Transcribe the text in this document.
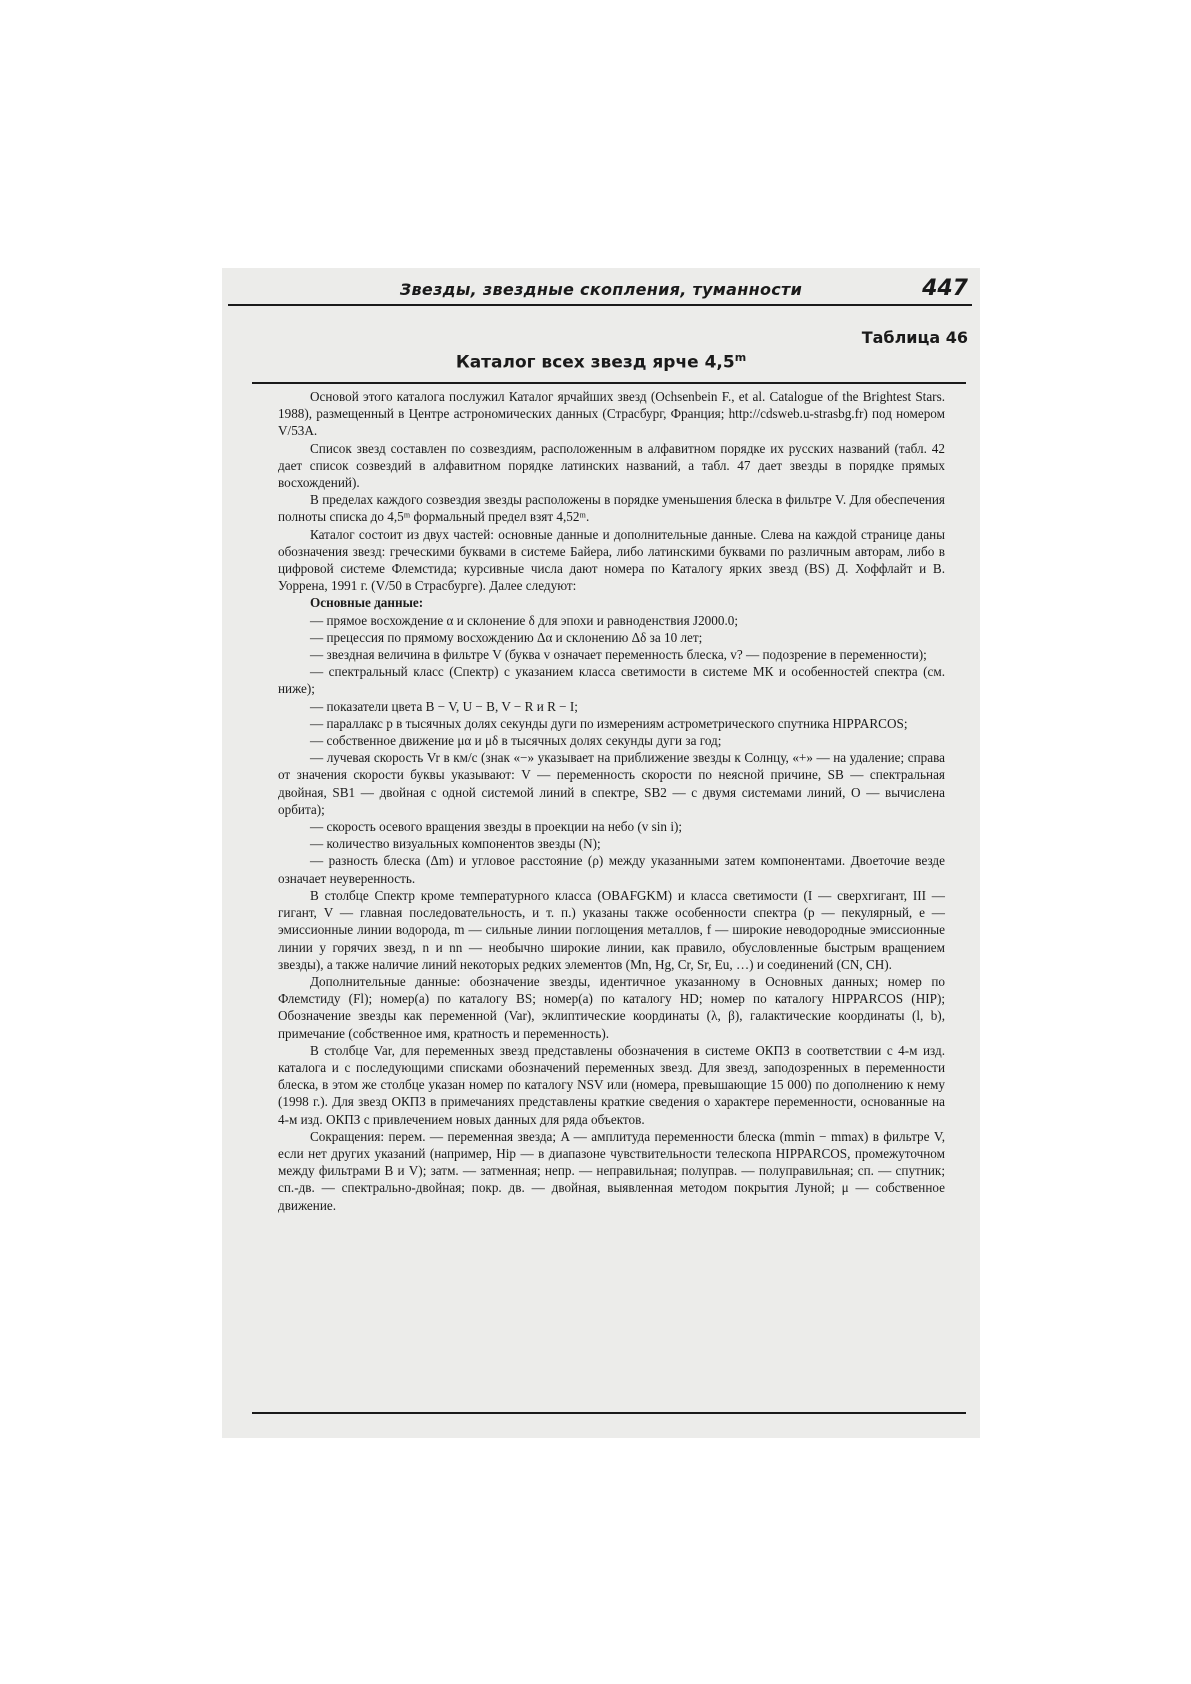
Звезды, звездные скопления, туманности	447
Таблица 46
Каталог всех звезд ярче 4,5$^m$

Основой этого каталога послужил Каталог ярчайших звезд (Ochsenbein F., et al. Catalogue of the Brightest Stars. 1988), размещенный в Центре астрономических данных (Страсбург, Франция; http://cdsweb.u-strasbg.fr) под номером V/53A.

Список звезд составлен по созвездиям, расположенным в алфавитном порядке их русских названий (табл. 42 дает список созвездий в алфавитном порядке латинских названий, а табл. 47 дает звезды в порядке прямых восхождений).

В пределах каждого созвездия звезды расположены в порядке уменьшения блеска в фильтре V. Для обеспечения полноты списка до 4,5ᵐ формальный предел взят 4,52ᵐ.

Каталог состоит из двух частей: основные данные и дополнительные данные. Слева на каждой странице даны обозначения звезд: греческими буквами в системе Байера, либо латинскими буквами по различным авторам, либо в цифровой системе Флемстида; курсивные числа дают номера по Каталогу ярких звезд (BS) Д. Хоффлайт и В. Уоррена, 1991 г. (V/50 в Страсбурге). Далее следуют:

Основные данные:

— прямое восхождение α и склонение δ для эпохи и равноденствия J2000.0;

— прецессия по прямому восхождению Δα и склонению Δδ за 10 лет;

— звездная величина в фильтре V (буква v означает переменность блеска, v? — подозрение в переменности);

— спектральный класс (Спектр) с указанием класса светимости в системе МК и особенностей спектра (см. ниже);

— показатели цвета B − V, U − B, V − R и R − I;

— параллакс p в тысячных долях секунды дуги по измерениям астрометрического спутника HIPPARCOS;

— собственное движение μα и μδ в тысячных долях секунды дуги за год;

— лучевая скорость Vr в км/с (знак «−» указывает на приближение звезды к Солнцу, «+» — на удаление; справа от значения скорости буквы указывают: V — переменность скорости по неясной причине, SB — спектральная двойная, SB1 — двойная с одной системой линий в спектре, SB2 — с двумя системами линий, O — вычислена орбита);

— скорость осевого вращения звезды в проекции на небо (v sin i);

— количество визуальных компонентов звезды (N);

— разность блеска (Δm) и угловое расстояние (ρ) между указанными затем компонентами. Двоеточие везде означает неуверенность.

В столбце Спектр кроме температурного класса (OBAFGKM) и класса светимости (I — сверхгигант, III — гигант, V — главная последовательность, и т. п.) указаны также особенности спектра (p — пекулярный, e — эмиссионные линии водорода, m — сильные линии поглощения металлов, f — широкие неводородные эмиссионные линии у горячих звезд, n и nn — необычно широкие линии, как правило, обусловленные быстрым вращением звезды), а также наличие линий некоторых редких элементов (Mn, Hg, Cr, Sr, Eu, …) и соединений (CN, CH).

Дополнительные данные: обозначение звезды, идентичное указанному в Основных данных; номер по Флемстиду (Fl); номер(а) по каталогу BS; номер(а) по каталогу HD; номер по каталогу HIPPARCOS (HIP); Обозначение звезды как переменной (Var), эклиптические координаты (λ, β), галактические координаты (l, b), примечание (собственное имя, кратность и переменность).

В столбце Var, для переменных звезд представлены обозначения в системе ОКПЗ в соответствии с 4-м изд. каталога и с последующими списками обозначений переменных звезд. Для звезд, заподозренных в переменности блеска, в этом же столбце указан номер по каталогу NSV или (номера, превышающие 15 000) по дополнению к нему (1998 г.). Для звезд ОКПЗ в примечаниях представлены краткие сведения о характере переменности, основанные на 4-м изд. ОКПЗ с привлечением новых данных для ряда объектов.

Сокращения: перем. — переменная звезда; A — амплитуда переменности блеска (mmin − mmax) в фильтре V, если нет других указаний (например, Hip — в диапазоне чувствительности телескопа HIPPARCOS, промежуточном между фильтрами B и V); затм. — затменная; непр. — неправильная; полуправ. — полуправильная; сп. — спутник; сп.-дв. — спектрально-двойная; покр. дв. — двойная, выявленная методом покрытия Луной; μ — собственное движение.
